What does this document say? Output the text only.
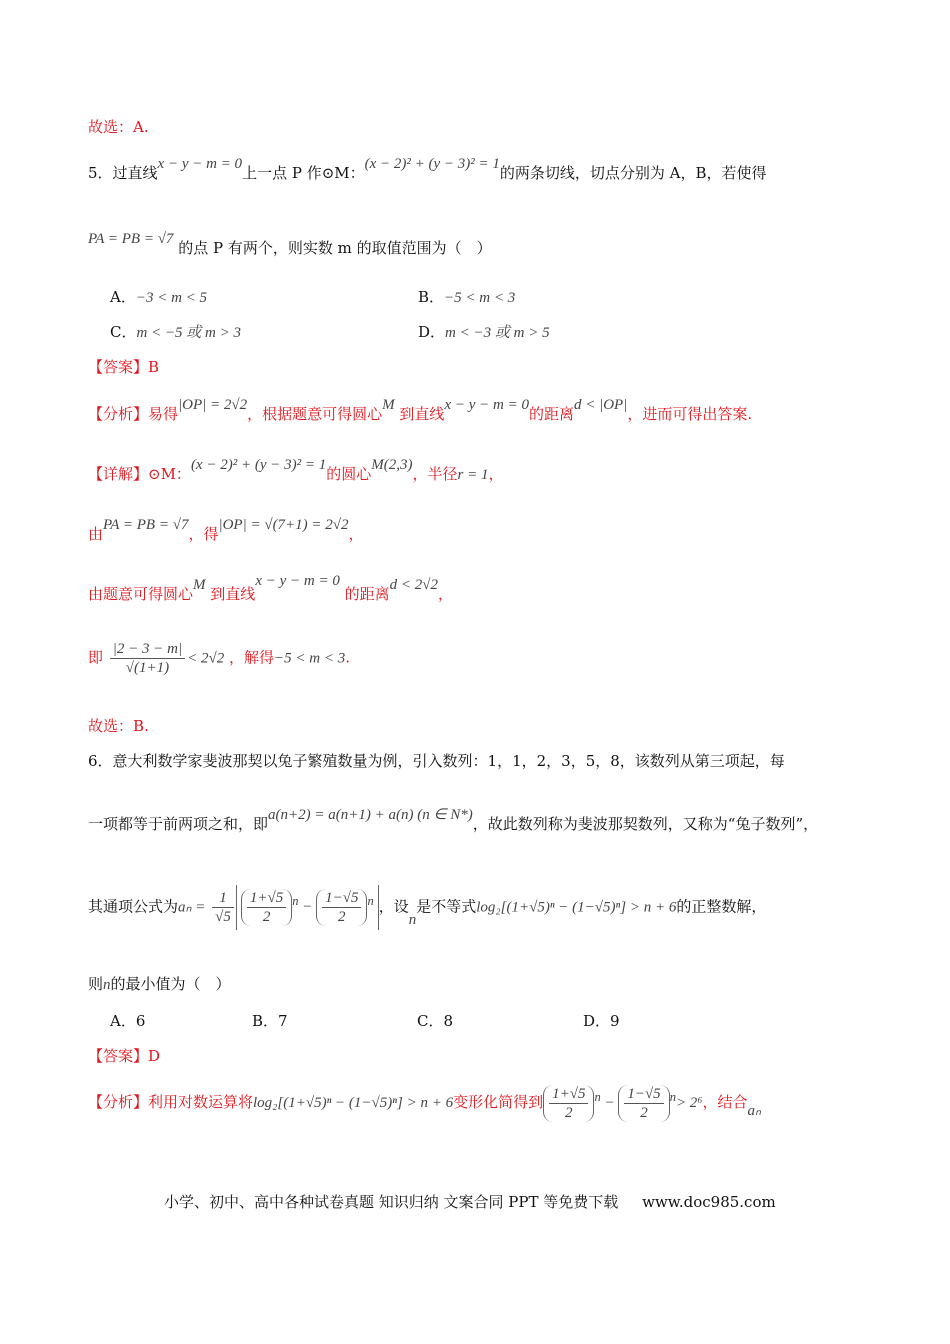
故选：A.
5．过直线x − y − m = 0上一点 P 作⊙M：(x − 2)² + (y − 3)² = 1的两条切线，切点分别为 A，B，若使得
PA = PB = √7 的点 P 有两个，则实数 m 的取值范围为（　）
A．−3 < m < 5	B．−5 < m < 3
C．m < −5 或 m > 3	D．m < −3 或 m > 5
【答案】B
【分析】易得|OP| = 2√2，根据题意可得圆心M 到直线x − y − m = 0的距离d < |OP|，进而可得出答案.
【详解】⊙M：(x − 2)² + (y − 3)² = 1的圆心M(2,3)，半径r = 1，
由PA = PB = √7，得|OP| = √(7+1) = 2√2，
由题意可得圆心M 到直线x − y − m = 0 的距离d < 2√2，
即 $\frac{|2 - 3 - m|}{√(1+1)} < 2√2$ ，解得−5 < m < 3.
故选：B.
6．意大利数学家斐波那契以兔子繁殖数量为例，引入数列：1，1，2，3，5，8，该数列从第三项起，每
一项都等于前两项之和，即a(n+2) = a(n+1) + a(n) (n ∈ N*)，故此数列称为斐波那契数列，又称为“兔子数列”，
其通项公式为$a_n = \frac{1}{√5} \frac{1+√5}{2} ^n - \frac{1-√5}{2} ^n$ ，设n是不等式log₂[(1+√5)ⁿ − (1−√5)ⁿ] > n + 6的正整数解，
则n的最小值为（　）
A．6	B．7	C．8	D．9
【答案】D
【分析】利用对数运算将log₂[(1+√5)ⁿ − (1−√5)ⁿ] > n + 6变形化简得到 $\frac{1+√5}{2} ^n - \frac{1-√5}{2} ^n> 2^6$，结合aₙ
小学、初中、高中各种试卷真题 知识归纳 文案合同 PPT 等免费下载 www.doc985.com
